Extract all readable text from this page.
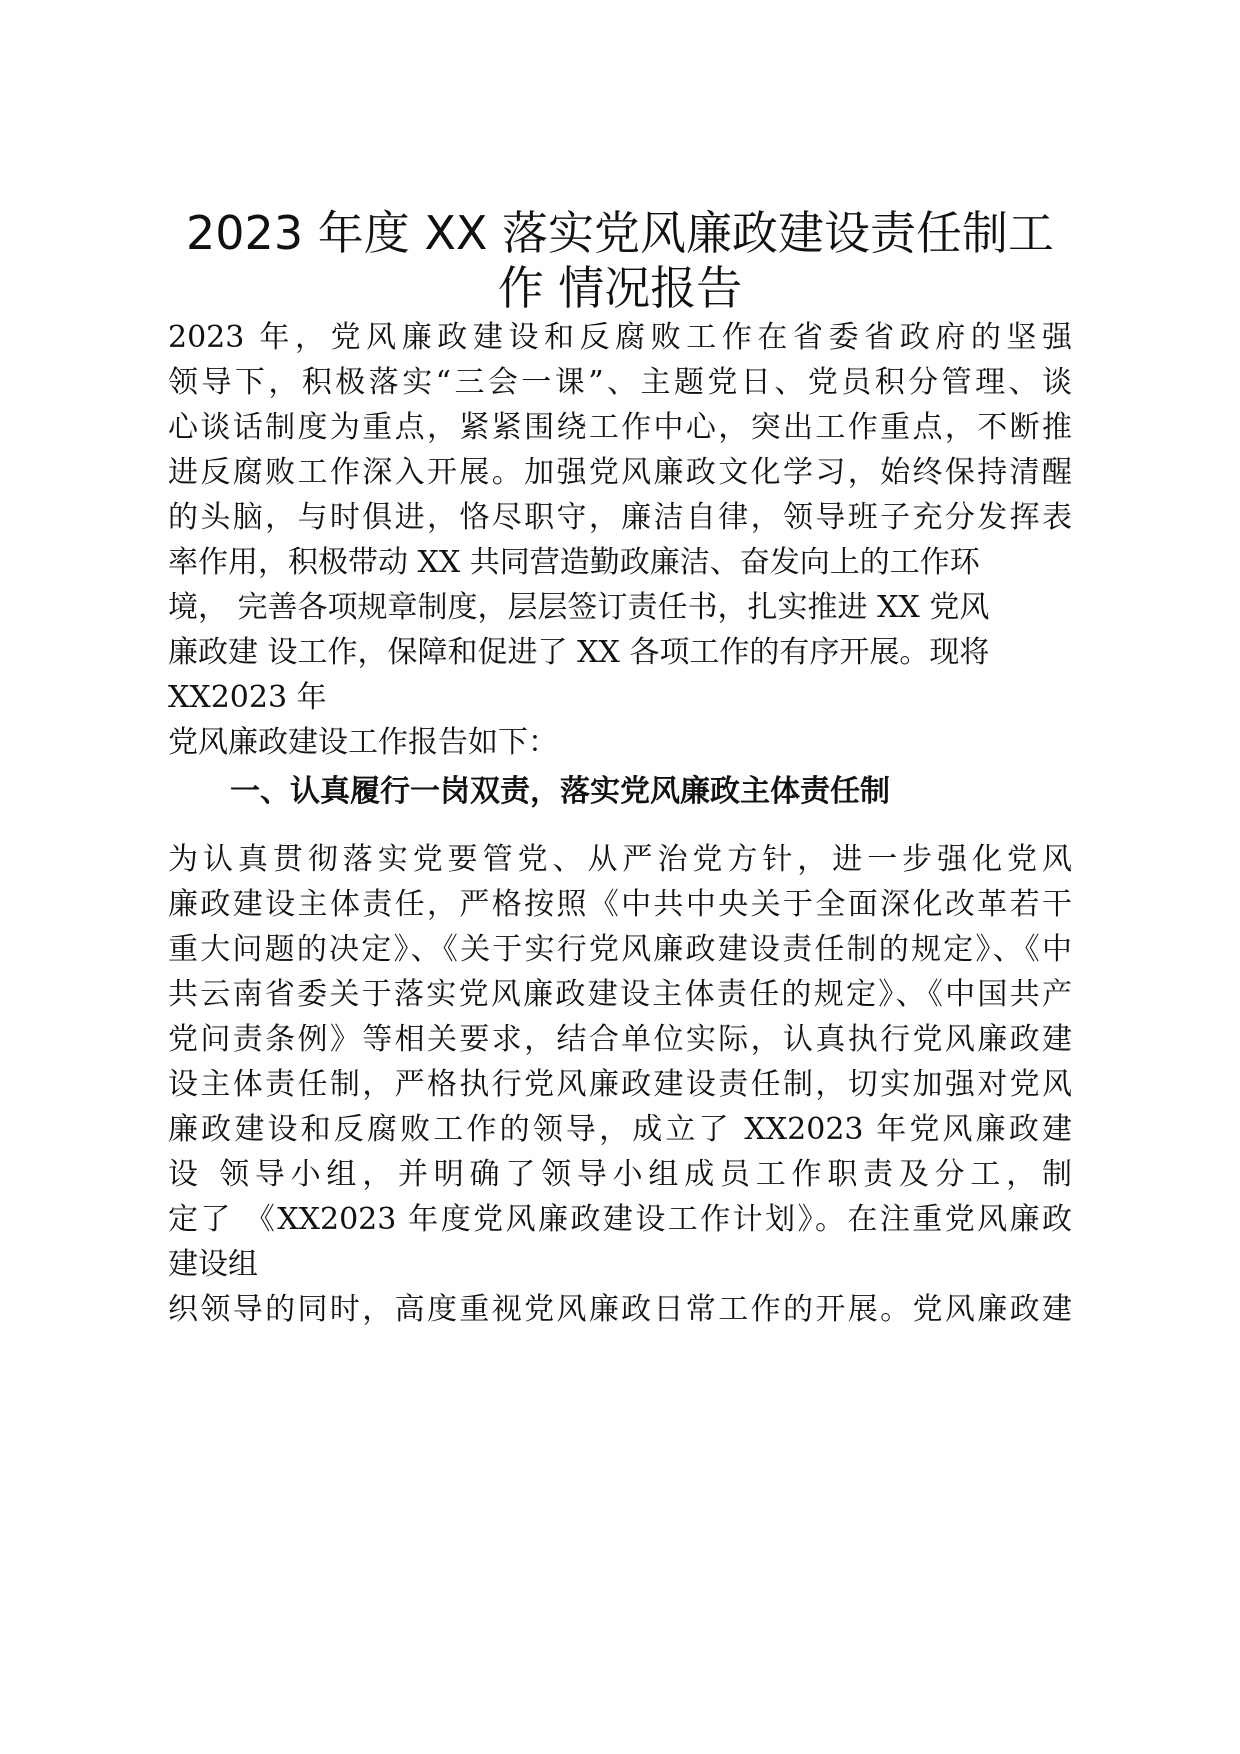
2023 年度 XX 落实党风廉政建设责任制工
作 情况报告

2023 年，党风廉政建设和反腐败工作在省委省政府的坚强

领导下，积极落实“三会一课”、主题党日、党员积分管理、谈

心谈话制度为重点，紧紧围绕工作中心，突出工作重点，不断推

进反腐败工作深入开展。加强党风廉政文化学习，始终保持清醒

的头脑，与时俱进，恪尽职守，廉洁自律，领导班子充分发挥表

率作用，积极带动 XX 共同营造勤政廉洁、奋发向上的工作环

境， 完善各项规章制度，层层签订责任书，扎实推进 XX 党风

廉政建 设工作，保障和促进了 XX 各项工作的有序开展。现将

XX2023 年

党风廉政建设工作报告如下：

一、认真履行一岗双责，落实党风廉政主体责任制

为认真贯彻落实党要管党、从严治党方针，进一步强化党风

廉政建设主体责任，严格按照《中共中央关于全面深化改革若干

重大问题的决定》、《关于实行党风廉政建设责任制的规定》、《中

共云南省委关于落实党风廉政建设主体责任的规定》、《中国共产

党问责条例》等相关要求，结合单位实际，认真执行党风廉政建

设主体责任制，严格执行党风廉政建设责任制，切实加强对党风

廉政建设和反腐败工作的领导，成立了 XX2023 年党风廉政建

设 领导小组，并明确了领导小组成员工作职责及分工，制

定了 《XX2023 年度党风廉政建设工作计划》。在注重党风廉政

建设组

织领导的同时，高度重视党风廉政日常工作的开展。党风廉政建
